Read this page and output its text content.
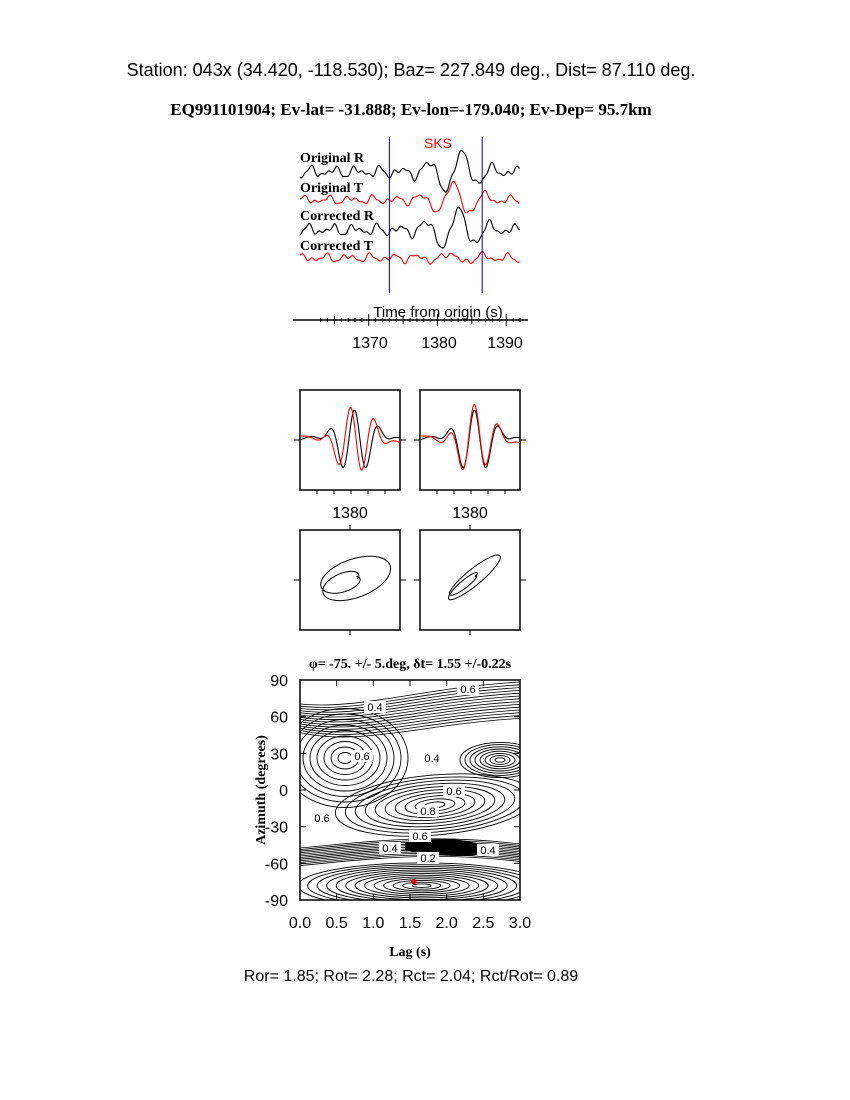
Station: 043x (34.420, -118.530); Baz= 227.849 deg., Dist= 87.110 deg.
EQ991101904; Ev-lat= -31.888; Ev-lon=-179.040; Ev-Dep= 95.7km
SKS
Original R
Original T
Corrected R
Corrected T
Time from origin (s)
1370 1380 1390
1380	1380
φ= -75. +/- 5.deg, δt= 1.55 +/-0.22s
0.6
0.4
0.6	0.4
0.6
0.8
0.6
0.6
0.4
0.2
0.4
90
60
30
0
-30
-60
-90
0.0 0.5 1.0 1.5 2.0 2.5 3.0
Lag (s)
Azimuth (degrees)
Ror= 1.85; Rot= 2.28; Rct= 2.04; Rct/Rot= 0.89
